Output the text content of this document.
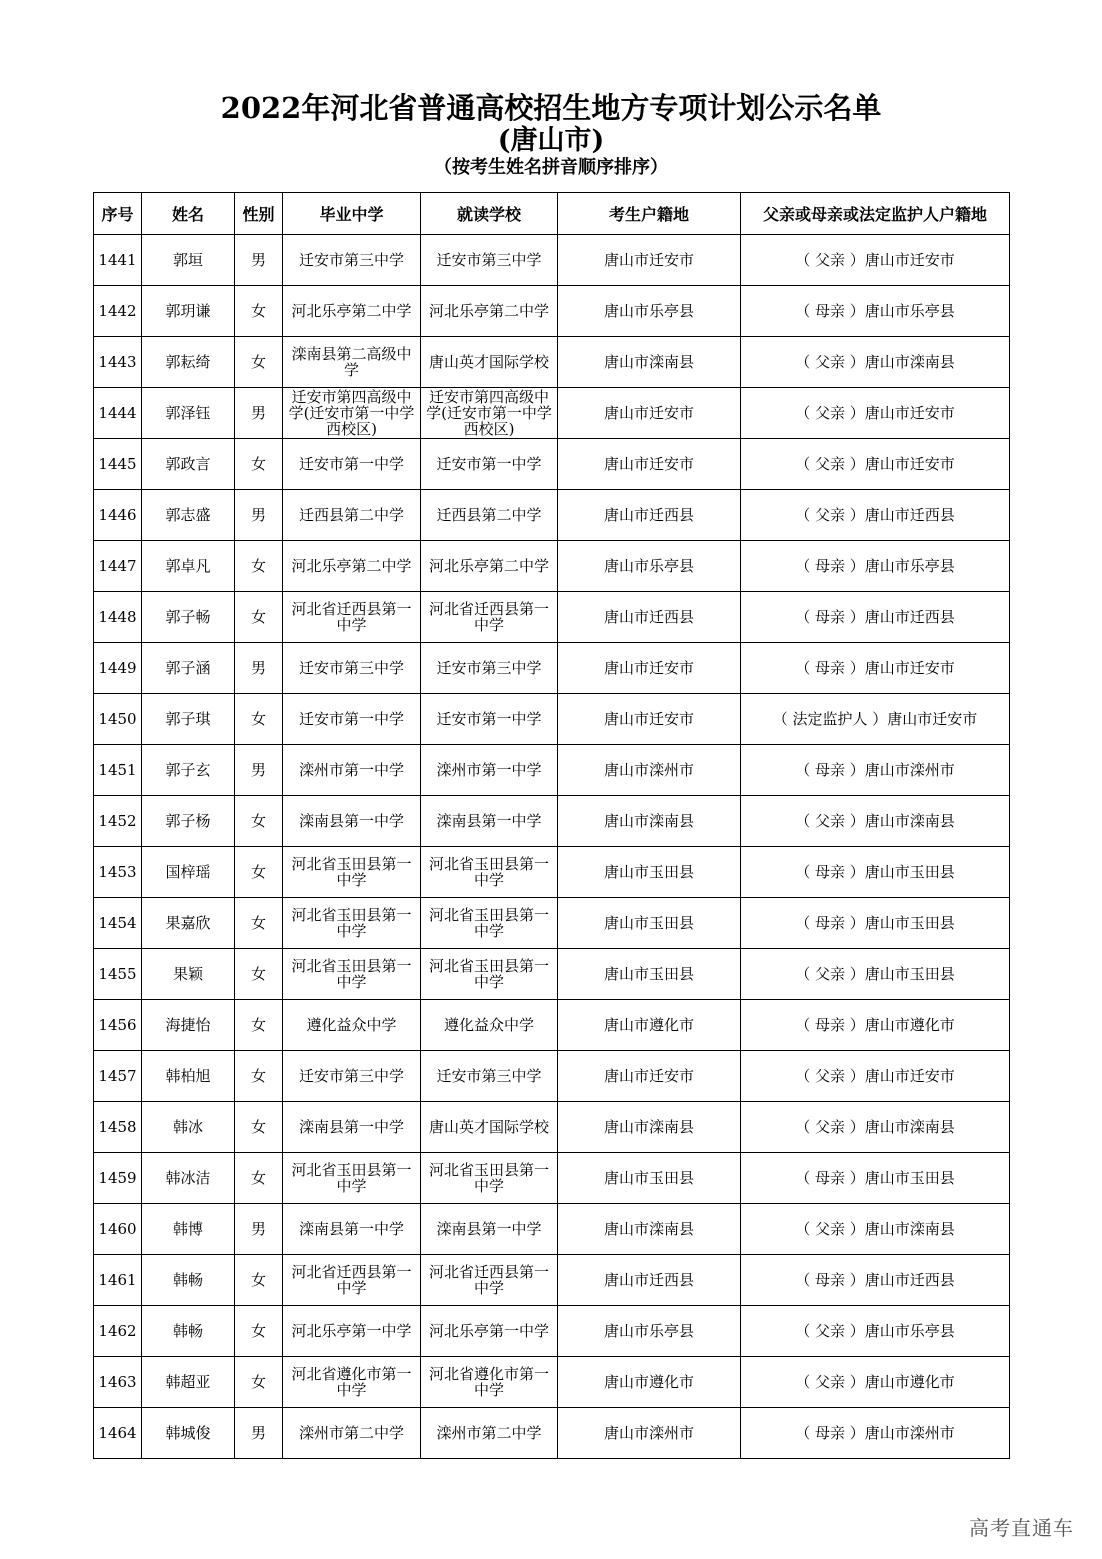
2022年河北省普通高校招生地方专项计划公示名单
(唐山市)
（按考生姓名拼音顺序排序）
序号	姓名	性别	毕业中学	就读学校	考生户籍地	父亲或母亲或法定监护人户籍地
1441	郭垣	男	迁安市第三中学	迁安市第三中学	唐山市迁安市	（ 父亲 ）唐山市迁安市
1442	郭玥谦	女	河北乐亭第二中学	河北乐亭第二中学	唐山市乐亭县	（ 母亲 ）唐山市乐亭县
1443	郭耘绮	女	滦南县第二高级中学	唐山英才国际学校	唐山市滦南县	（ 父亲 ）唐山市滦南县
1444	郭泽钰	男	迁安市第四高级中学(迁安市第一中学西校区)	迁安市第四高级中学(迁安市第一中学西校区)	唐山市迁安市	（ 父亲 ）唐山市迁安市
1445	郭政言	女	迁安市第一中学	迁安市第一中学	唐山市迁安市	（ 父亲 ）唐山市迁安市
1446	郭志盛	男	迁西县第二中学	迁西县第二中学	唐山市迁西县	（ 父亲 ）唐山市迁西县
1447	郭卓凡	女	河北乐亭第二中学	河北乐亭第二中学	唐山市乐亭县	（ 母亲 ）唐山市乐亭县
1448	郭子畅	女	河北省迁西县第一中学	河北省迁西县第一中学	唐山市迁西县	（ 母亲 ）唐山市迁西县
1449	郭子涵	男	迁安市第三中学	迁安市第三中学	唐山市迁安市	（ 母亲 ）唐山市迁安市
1450	郭子琪	女	迁安市第一中学	迁安市第一中学	唐山市迁安市	（ 法定监护人 ）唐山市迁安市
1451	郭子玄	男	滦州市第一中学	滦州市第一中学	唐山市滦州市	（ 母亲 ）唐山市滦州市
1452	郭子杨	女	滦南县第一中学	滦南县第一中学	唐山市滦南县	（ 父亲 ）唐山市滦南县
1453	国梓瑶	女	河北省玉田县第一中学	河北省玉田县第一中学	唐山市玉田县	（ 母亲 ）唐山市玉田县
1454	果嘉欣	女	河北省玉田县第一中学	河北省玉田县第一中学	唐山市玉田县	（ 母亲 ）唐山市玉田县
1455	果颖	女	河北省玉田县第一中学	河北省玉田县第一中学	唐山市玉田县	（ 父亲 ）唐山市玉田县
1456	海捷怡	女	遵化益众中学	遵化益众中学	唐山市遵化市	（ 母亲 ）唐山市遵化市
1457	韩柏旭	女	迁安市第三中学	迁安市第三中学	唐山市迁安市	（ 父亲 ）唐山市迁安市
1458	韩冰	女	滦南县第一中学	唐山英才国际学校	唐山市滦南县	（ 父亲 ）唐山市滦南县
1459	韩冰洁	女	河北省玉田县第一中学	河北省玉田县第一中学	唐山市玉田县	（ 母亲 ）唐山市玉田县
1460	韩博	男	滦南县第一中学	滦南县第一中学	唐山市滦南县	（ 父亲 ）唐山市滦南县
1461	韩畅	女	河北省迁西县第一中学	河北省迁西县第一中学	唐山市迁西县	（ 母亲 ）唐山市迁西县
1462	韩畅	女	河北乐亭第一中学	河北乐亭第一中学	唐山市乐亭县	（ 父亲 ）唐山市乐亭县
1463	韩超亚	女	河北省遵化市第一中学	河北省遵化市第一中学	唐山市遵化市	（ 父亲 ）唐山市遵化市
1464	韩城俊	男	滦州市第二中学	滦州市第二中学	唐山市滦州市	（ 母亲 ）唐山市滦州市
高考直通车
